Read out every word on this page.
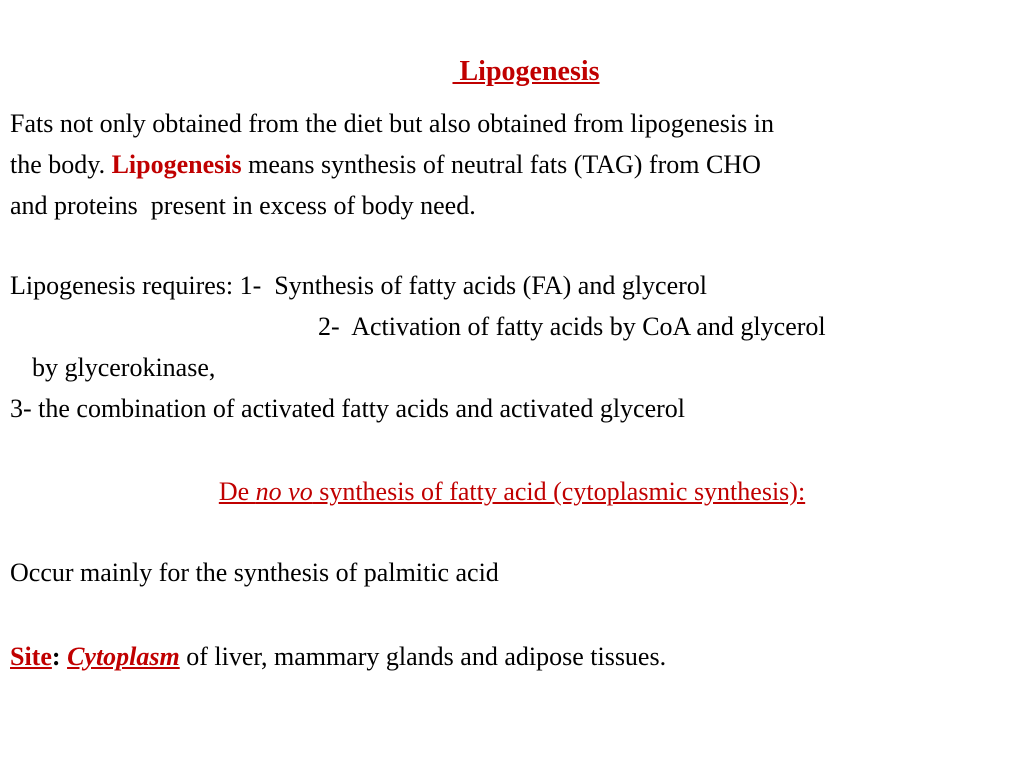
Lipogenesis

Fats not only obtained from the diet but also obtained from lipogenesis in
the body. Lipogenesis means synthesis of neutral fats (TAG) from CHO
and proteins  present in excess of body need.
Lipogenesis requires: 1-  Synthesis of fatty acids (FA) and glycerol
2-  Activation of fatty acids by CoA and glycerol
by glycerokinase,
3- the combination of activated fatty acids and activated glycerol
De no vo synthesis of fatty acid (cytoplasmic synthesis):
Occur mainly for the synthesis of palmitic acid
Site: Cytoplasm of liver, mammary glands and adipose tissues.
